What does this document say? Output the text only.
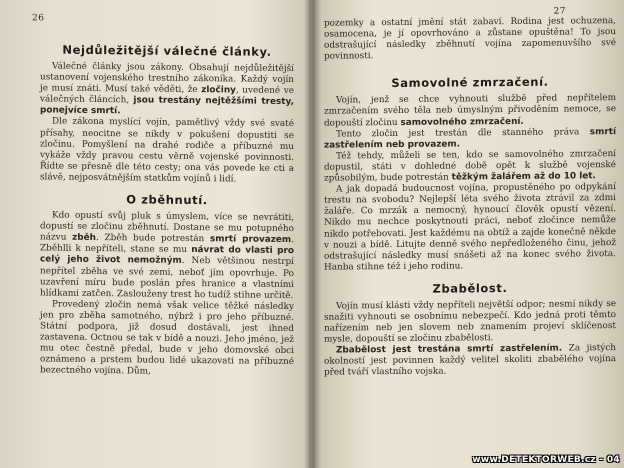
26
Nejdůležitější válečné články.

Válečné články jsou zákony. Obsahují nejdůležitější ustanovení vojenského trestního zákoníka. Každý vojín je musí znáti. Musí také věděti, že zločiny, uvedené ve válečných článcích, jsou trestány nejtěžšími tresty, ponejvíce smrtí.

Dle zákona myslící vojín, pamětlivý vždy své svaté přísahy, neocitne se nikdy v pokušení dopustiti se zločinu. Pomyšlení na drahé rodiče a příbuzné mu vykáže vždy pravou cestu věrně vojenské povinnosti. Řídte se přesně dle této cesty; ona vás povede ke cti a slávě, nejposvátnějším statkům vojínů i lidí.

O zběhnutí.

Kdo opustí svůj pluk s úmyslem, více se nevrátiti, dopustí se zločinu zběhnutí. Dostane se mu potupného názvu zběh. Zběh bude potrestán smrtí provazem. Zběhlli k nepříteli, stane se mu návrat do vlasti pro celý jeho život nemožným. Neb většinou nestrpí nepřítel zběha ve své zemi, neboť jím opovrhuje. Po uzavření míru bude poslán přes hranice a vlastními hlídkami zatčen. Zaslouženy trest ho tudíž stihne určitě.

Provedený zločin nemá však velice těžké následky jen pro zběha samotného, nýbrž i pro jeho příbuzné. Státní podpora, již dosud dostávali, jest ihned zastavena. Octnou se tak v bídě a nouzi. Jeho jméno, jež mu otec čestně předal, bude v jeho domovské obci oznámeno a prstem budou lidé ukazovati na příbuzné bezectného vojína. Dům,

27

pozemky a ostatní jmění stát zabaví. Rodina jest ochuzena, osamocena, je jí opovrhováno a zůstane opuštěna! To jsou odstrašující následky zběhnutí vojína zapomenuvšího své povinnosti.

Samovolné zmrzačení.

Vojín, jenž se chce vyhnouti službě před nepřítelem zmrzačením svého těla neb úmyslným přivoděním nemoce, se dopouští zločinu samovolného zmrzačení.

Tento zločin jest trestán dle stanného práva smrtí zastřelením neb provazem.

Též tehdy, můželi se ten, kdo se samovolného zmrzačení dopustil, státi v dohledné době opět k službě vojenské způsobilým, bude potrestán těžkým žalářem až do 10 let.

A jak dopadá budoucnost vojína, propustěného po odpykání trestu na svobodu? Nejlepší léta svého života ztrávil za zdmi žaláře. Co mrzák a nemocný, hynoucí člověk opustí vězení. Nikdo mu nechce poskytnouti práci, neboť zločince nemůže nikdo potřebovati. Jest každému na obtíž a zajde konečně někde v nouzi a bídě. Litujte denně svého nepředloženého činu, jehož odstrašující následky musí snášeti až na konec svého života. Hanba stihne též i jeho rodinu.

Zbabělost.

Vojín musí klásti vždy nepříteli největší odpor; nesmí nikdy se snažiti vyhnouti se osobnímu nebezpečí. Kdo jedná proti těmto nařízením neb jen slovem neb znamením projeví sklíčenost mysle, dopouští se zločinu zbabělosti.

Zbabělost jest trestána smrtí zastřelením. Za jistých okolností jest povinnen každý velitel skoliti zbabělého vojína před tváří vlastního vojska.

www.DETEKTORWEB.cz - 04
